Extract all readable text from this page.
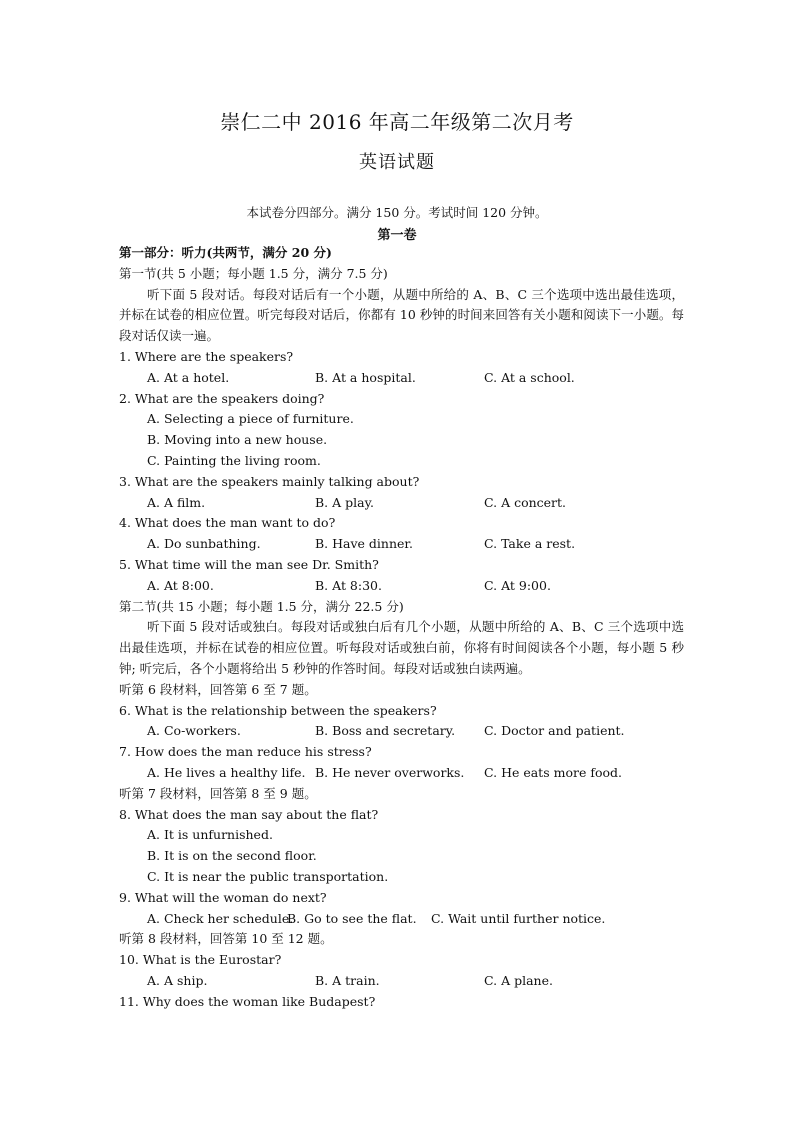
崇仁二中 2016 年高二年级第二次月考
英语试题
本试卷分四部分。满分 150 分。考试时间 120 分钟。
第一卷
第一部分：听力(共两节，满分 20 分)
第一节(共 5 小题；每小题 1.5 分，满分 7.5 分)
听下面 5 段对话。每段对话后有一个小题，从题中所给的 A、B、C 三个选项中选出最佳选项，并标在试卷的相应位置。听完每段对话后，你都有 10 秒钟的时间来回答有关小题和阅读下一小题。每段对话仅读一遍。
1. Where are the speakers?
A. At a hotel.	B. At a hospital.	C. At a school.
2. What are the speakers doing?
A. Selecting a piece of furniture.
B. Moving into a new house.
C. Painting the living room.
3. What are the speakers mainly talking about?
A. A film.	B. A play.	C. A concert.
4. What does the man want to do?
A. Do sunbathing.	B. Have dinner.	C. Take a rest.
5. What time will the man see Dr. Smith?
A. At 8:00.	B. At 8:30.	C. At 9:00.
第二节(共 15 小题；每小题 1.5 分，满分 22.5 分)
听下面 5 段对话或独白。每段对话或独白后有几个小题，从题中所给的 A、B、C 三个选项中选出最佳选项，并标在试卷的相应位置。听每段对话或独白前，你将有时间阅读各个小题，每小题 5 秒钟; 听完后，各个小题将给出 5 秒钟的作答时间。每段对话或独白读两遍。
听第 6 段材料，回答第 6 至 7 题。
6. What is the relationship between the speakers?
A. Co-workers.	B. Boss and secretary. C. Doctor and patient.
7. How does the man reduce his stress?
A. He lives a healthy life. B. He never overworks. C. He eats more food.
听第 7 段材料，回答第 8 至 9 题。
8. What does the man say about the flat?
A. It is unfurnished.
B. It is on the second floor.
C. It is near the public transportation.
9. What will the woman do next?
A. Check her schedule.
B. Go to see the flat. C. Wait until further notice.
听第 8 段材料，回答第 10 至 12 题。
10. What is the Eurostar?
A. A ship.	B. A train.	C. A plane.
11. Why does the woman like Budapest?
